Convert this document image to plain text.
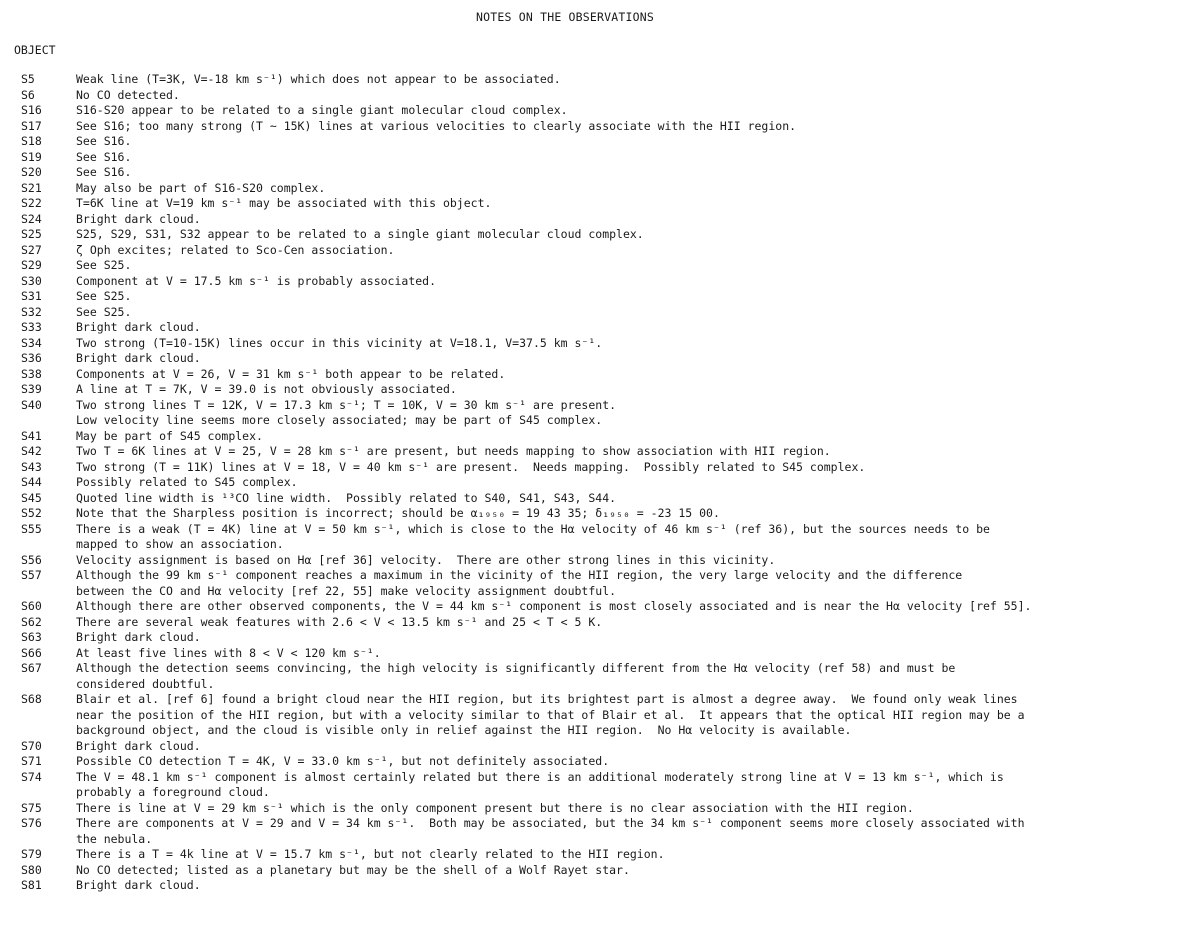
NOTES ON THE OBSERVATIONS
OBJECT
S5	Weak line (T=3K, V=-18 km s⁻¹) which does not appear to be associated.
S6	No CO detected.
S16	S16-S20 appear to be related to a single giant molecular cloud complex.
S17	See S16; too many strong (T ~ 15K) lines at various velocities to clearly associate with the HII region.
S18	See S16.
S19	See S16.
S20	See S16.
S21	May also be part of S16-S20 complex.
S22	T=6K line at V=19 km s⁻¹ may be associated with this object.
S24	Bright dark cloud.
S25	S25, S29, S31, S32 appear to be related to a single giant molecular cloud complex.
S27	ζ Oph excites; related to Sco-Cen association.
S29	See S25.
S30	Component at V = 17.5 km s⁻¹ is probably associated.
S31	See S25.
S32	See S25.
S33	Bright dark cloud.
S34	Two strong (T=10-15K) lines occur in this vicinity at V=18.1, V=37.5 km s⁻¹.
S36	Bright dark cloud.
S38	Components at V = 26, V = 31 km s⁻¹ both appear to be related.
S39	A line at T = 7K, V = 39.0 is not obviously associated.
S40	Two strong lines T = 12K, V = 17.3 km s⁻¹; T = 10K, V = 30 km s⁻¹ are present.
Low velocity line seems more closely associated; may be part of S45 complex.
S41	May be part of S45 complex.
S42	Two T = 6K lines at V = 25, V = 28 km s⁻¹ are present, but needs mapping to show association with HII region.
S43	Two strong (T = 11K) lines at V = 18, V = 40 km s⁻¹ are present.  Needs mapping.  Possibly related to S45 complex.
S44	Possibly related to S45 complex.
S45	Quoted line width is ¹³CO line width.  Possibly related to S40, S41, S43, S44.
S52	Note that the Sharpless position is incorrect; should be α₁₉₅₀ = 19 43 35; δ₁₉₅₀ = -23 15 00.
S55	There is a weak (T = 4K) line at V = 50 km s⁻¹, which is close to the Hα velocity of 46 km s⁻¹ (ref 36), but the sources needs to be
mapped to show an association.
S56	Velocity assignment is based on Hα [ref 36] velocity.  There are other strong lines in this vicinity.
S57	Although the 99 km s⁻¹ component reaches a maximum in the vicinity of the HII region, the very large velocity and the difference
between the CO and Hα velocity [ref 22, 55] make velocity assignment doubtful.
S60	Although there are other observed components, the V = 44 km s⁻¹ component is most closely associated and is near the Hα velocity [ref 55].
S62	There are several weak features with 2.6 < V < 13.5 km s⁻¹ and 25 < T < 5 K.
S63	Bright dark cloud.
S66	At least five lines with 8 < V < 120 km s⁻¹.
S67	Although the detection seems convincing, the high velocity is significantly different from the Hα velocity (ref 58) and must be
considered doubtful.
S68	Blair et al. [ref 6] found a bright cloud near the HII region, but its brightest part is almost a degree away.  We found only weak lines
near the position of the HII region, but with a velocity similar to that of Blair et al.  It appears that the optical HII region may be a
background object, and the cloud is visible only in relief against the HII region.  No Hα velocity is available.
S70	Bright dark cloud.
S71	Possible CO detection T = 4K, V = 33.0 km s⁻¹, but not definitely associated.
S74	The V = 48.1 km s⁻¹ component is almost certainly related but there is an additional moderately strong line at V = 13 km s⁻¹, which is
probably a foreground cloud.
S75	There is line at V = 29 km s⁻¹ which is the only component present but there is no clear association with the HII region.
S76	There are components at V = 29 and V = 34 km s⁻¹.  Both may be associated, but the 34 km s⁻¹ component seems more closely associated with
the nebula.
S79	There is a T = 4k line at V = 15.7 km s⁻¹, but not clearly related to the HII region.
S80	No CO detected; listed as a planetary but may be the shell of a Wolf Rayet star.
S81	Bright dark cloud.
